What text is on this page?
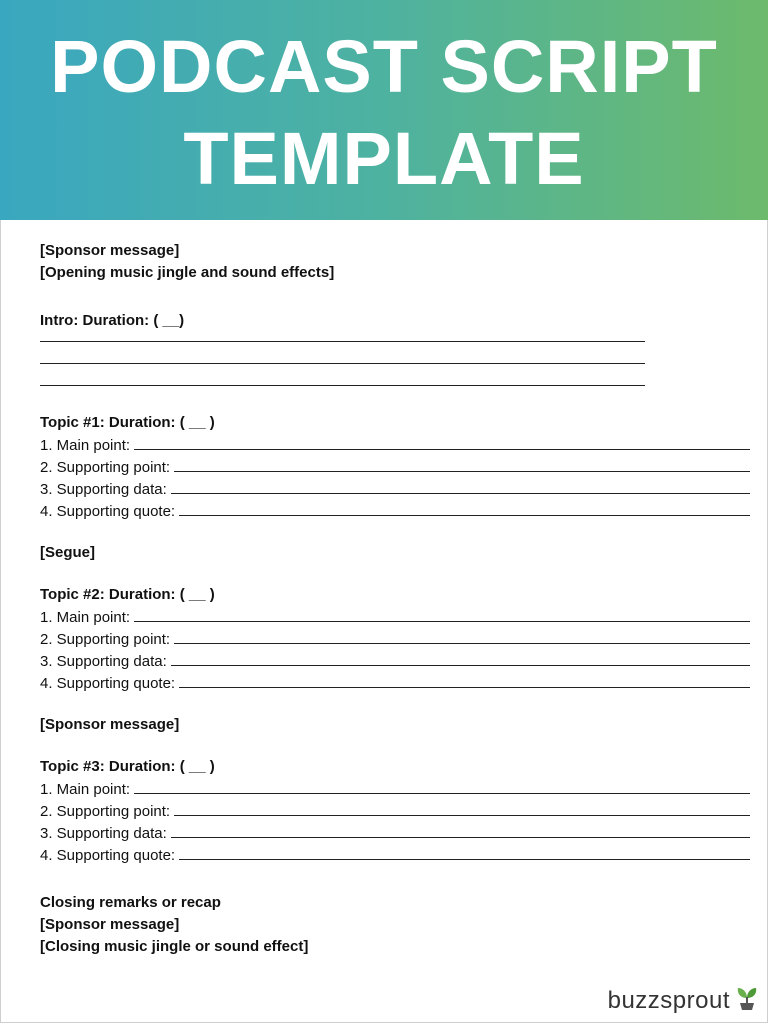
PODCAST SCRIPT
TEMPLATE
[Sponsor message]
[Opening music jingle and sound effects]
Intro: Duration: ( __)
Topic #1: Duration: ( __ )
1. Main point:
2. Supporting point:
3. Supporting data:
4. Supporting quote:
[Segue]
Topic #2: Duration: ( __ )
1. Main point:
2. Supporting point:
3. Supporting data:
4. Supporting quote:
[Sponsor message]
Topic #3: Duration: ( __ )
1. Main point:
2. Supporting point:
3. Supporting data:
4. Supporting quote:
Closing remarks or recap
[Sponsor message]
[Closing music jingle or sound effect]
buzzsprout
